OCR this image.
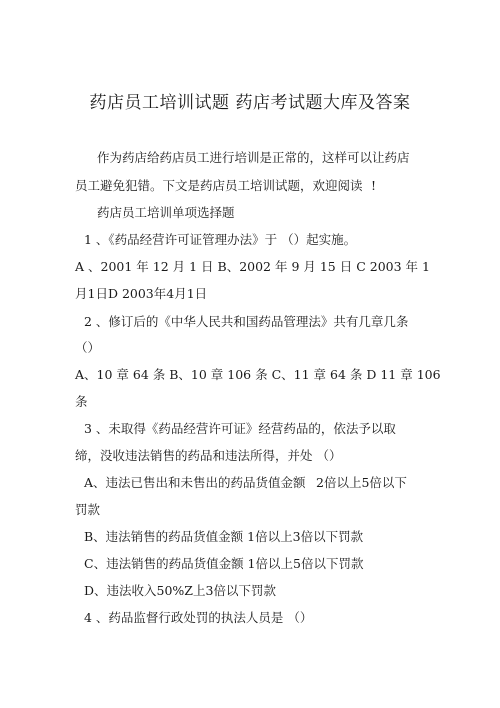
药店员工培训试题 药店考试题大库及答案
作为药店给药店员工进行培训是正常的，这样可以让药店
员工避免犯错。下文是药店员工培训试题，欢迎阅读 !
药店员工培训单项选择题
1 、《药品经营许可证管理办法》于 （）起实施。
A 、2001 年 12 月 1 日 B、2002 年 9 月 15 日 C 2003 年 1
月1日D 2003年4月1日
2 、修订后的《中华人民共和国药品管理法》共有几章几条
（）
A、10 章 64 条 B、10 章 106 条 C、11 章 64 条 D 11 章 106
条
3 、未取得《药品经营许可证》经营药品的，依法予以取
缔，没收违法销售的药品和违法所得，并处 （）
A、违法已售出和未售出的药品货值金额 2倍以上5倍以下
罚款
B、违法销售的药品货值金额 1倍以上3倍以下罚款
C、违法销售的药品货值金额 1倍以上5倍以下罚款
D、违法收入50%Z上3倍以下罚款
4 、药品监督行政处罚的执法人员是 （）
